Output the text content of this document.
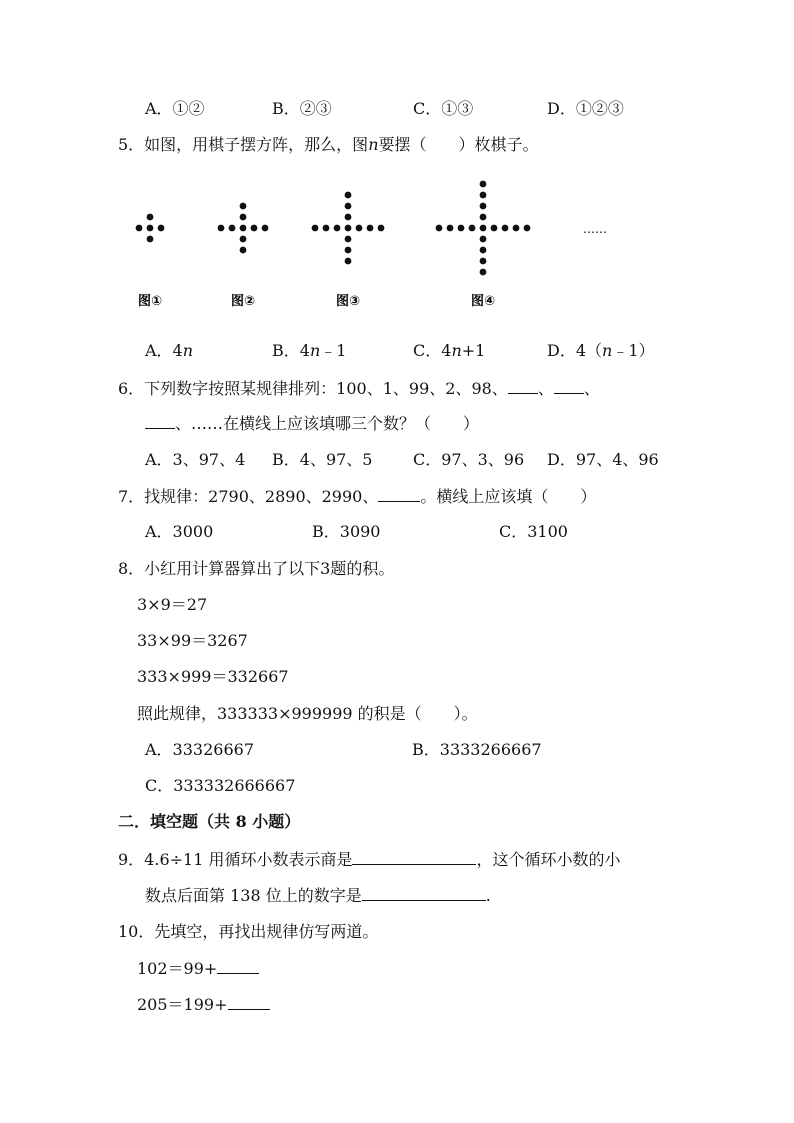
A．①②	B．②③	C．①③	D．①②③
5．如图，用棋子摆方阵，那么，图n要摆（　　）枚棋子。
图①	图②	图③	图④
……
A．4n	B．4n﹣1	C．4n+1	D．4（n﹣1）
6．下列数字按照某规律排列：100、1、99、2、98、 、 、
、……在横线上应该填哪三个数？（　　）
A．3、97、4 B．4、97、5	C．97、3、96 D．97、4、96
7．找规律：2790、2890、2990、	。横线上应该填（　　）
A．3000	B．3090	C．3100
8．小红用计算器算出了以下3题的积。
3×9＝27
33×99＝3267
333×999＝332667
照此规律，333333×999999 的积是（　　）。
A．33326667	B．3333266667
C．333332666667
二．填空题（共 8 小题）
9．4.6÷11 用循环小数表示商是	，这个循环小数的小
数点后面第 138 位上的数字是	.
10．先填空，再找出规律仿写两道。
102＝99+
205＝199+
